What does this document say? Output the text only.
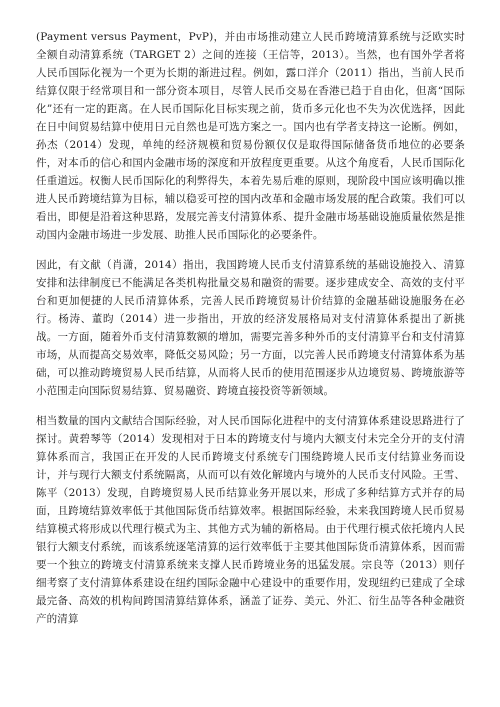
(Payment versus Payment，PvP)，并由市场推动建立人民币跨境清算系统与泛欧实时全额自动清算系统（TARGET 2）之间的连接（王信等，2013）。当然，也有国外学者将人民币国际化视为一个更为长期的渐进过程。例如，露口洋介（2011）指出，当前人民币结算仅限于经常项目和一部分资本项目，尽管人民币交易在香港已趋于自由化，但离“国际化”还有一定的距离。在人民币国际化目标实现之前，货币多元化也不失为次优选择，因此在日中间贸易结算中使用日元自然也是可选方案之一。国内也有学者支持这一论断。例如，孙杰（2014）发现，单纯的经济规模和贸易份额仅仅是取得国际储备货币地位的必要条件，对本币的信心和国内金融市场的深度和开放程度更重要。从这个角度看，人民币国际化任重道远。权衡人民币国际化的利弊得失，本着先易后难的原则，现阶段中国应该明确以推进人民币跨境结算为目标，辅以稳妥可控的国内改革和金融市场发展的配合政策。我们可以看出，即便是沿着这种思路，发展完善支付清算体系、提升金融市场基础设施质量依然是推动国内金融市场进一步发展、助推人民币国际化的必要条件。

因此，有文献（肖潇，2014）指出，我国跨境人民币支付清算系统的基础设施投入、清算安排和法律制度已不能满足各类机构批量交易和融资的需要。逐步建成安全、高效的支付平台和更加便捷的人民币清算体系，完善人民币跨境贸易计价结算的金融基础设施服务在必行。杨涛、董昀（2014）进一步指出，开放的经济发展格局对支付清算体系提出了新挑战。一方面，随着外币支付清算数额的增加，需要完善多种外币的支付清算平台和支付清算市场，从而提高交易效率，降低交易风险；另一方面，以完善人民币跨境支付清算体系为基础，可以推动跨境贸易人民币结算，从而将人民币的使用范围逐步从边境贸易、跨境旅游等小范围走向国际贸易结算、贸易融资、跨境直接投资等新领域。

相当数量的国内文献结合国际经验，对人民币国际化进程中的支付清算体系建设思路进行了探讨。黄碧琴等（2014）发现相对于日本的跨境支付与境内大额支付未完全分开的支付清算体系而言，我国正在开发的人民币跨境支付系统专门围绕跨境人民币支付结算业务而设计，并与现行大额支付系统隔离，从而可以有效化解境内与境外的人民币支付风险。王雪、陈平（2013）发现，自跨境贸易人民币结算业务开展以来，形成了多种结算方式并存的局面，且跨境结算效率低于其他国际货币结算效率。根据国际经验，未来我国跨境人民币贸易结算模式将形成以代理行模式为主、其他方式为辅的新格局。由于代理行模式依托境内人民银行大额支付系统，而该系统逐笔清算的运行效率低于主要其他国际货币清算体系，因而需要一个独立的跨境支付清算系统来支撑人民币跨境业务的迅猛发展。宗良等（2013）则仔细考察了支付清算体系建设在纽约国际金融中心建设中的重要作用，发现纽约已建成了全球最完备、高效的机构间跨国清算结算体系，涵盖了证券、美元、外汇、衍生品等各种金融资产的清算
